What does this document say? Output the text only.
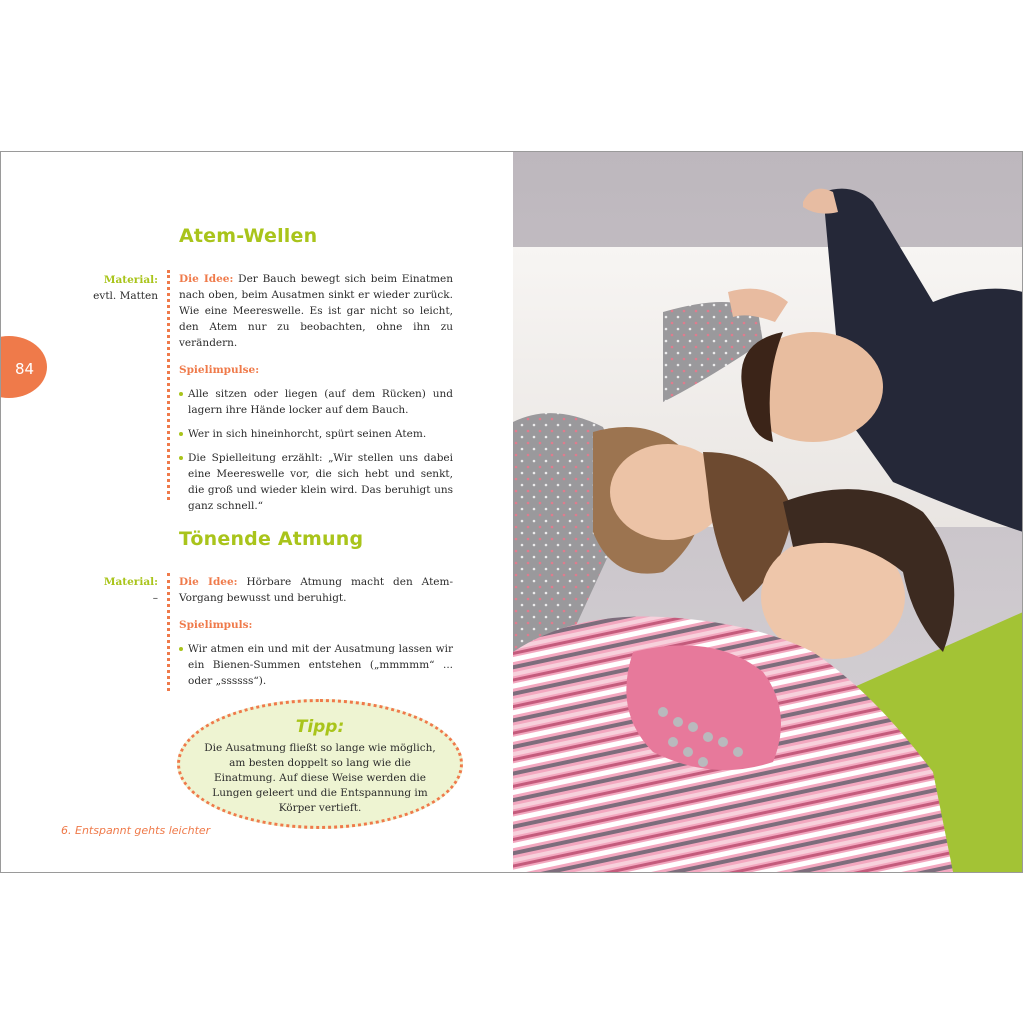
84
Atem-Wellen
Material:
evtl. Matten

Die Idee: Der Bauch bewegt sich beim Einatmen nach oben, beim Ausatmen sinkt er wieder zurück. Wie eine Meereswelle. Es ist gar nicht so leicht, den Atem nur zu beobachten, ohne ihn zu verändern.

Spielimpulse:

Alle sitzen oder liegen (auf dem Rücken) und lagern ihre Hände locker auf dem Bauch.
Wer in sich hineinhorcht, spürt seinen Atem.
Die Spielleitung erzählt: „Wir stellen uns dabei eine Meereswelle vor, die sich hebt und senkt, die groß und wieder klein wird. Das beruhigt uns ganz schnell.“
Tönende Atmung
Material:
–

Die Idee: Hörbare Atmung macht den Atem-Vorgang bewusst und beruhigt.

Spielimpuls:

Wir atmen ein und mit der Ausatmung lassen wir ein Bienen-Summen entstehen („mmmmm“ ... oder „ssssss“).
Tipp:
Die Ausatmung fließt so lange wie möglich, am besten doppelt so lang wie die Einatmung. Auf diese Weise werden die Lungen geleert und die Entspannung im Körper vertieft.
6. Entspannt gehts leichter
